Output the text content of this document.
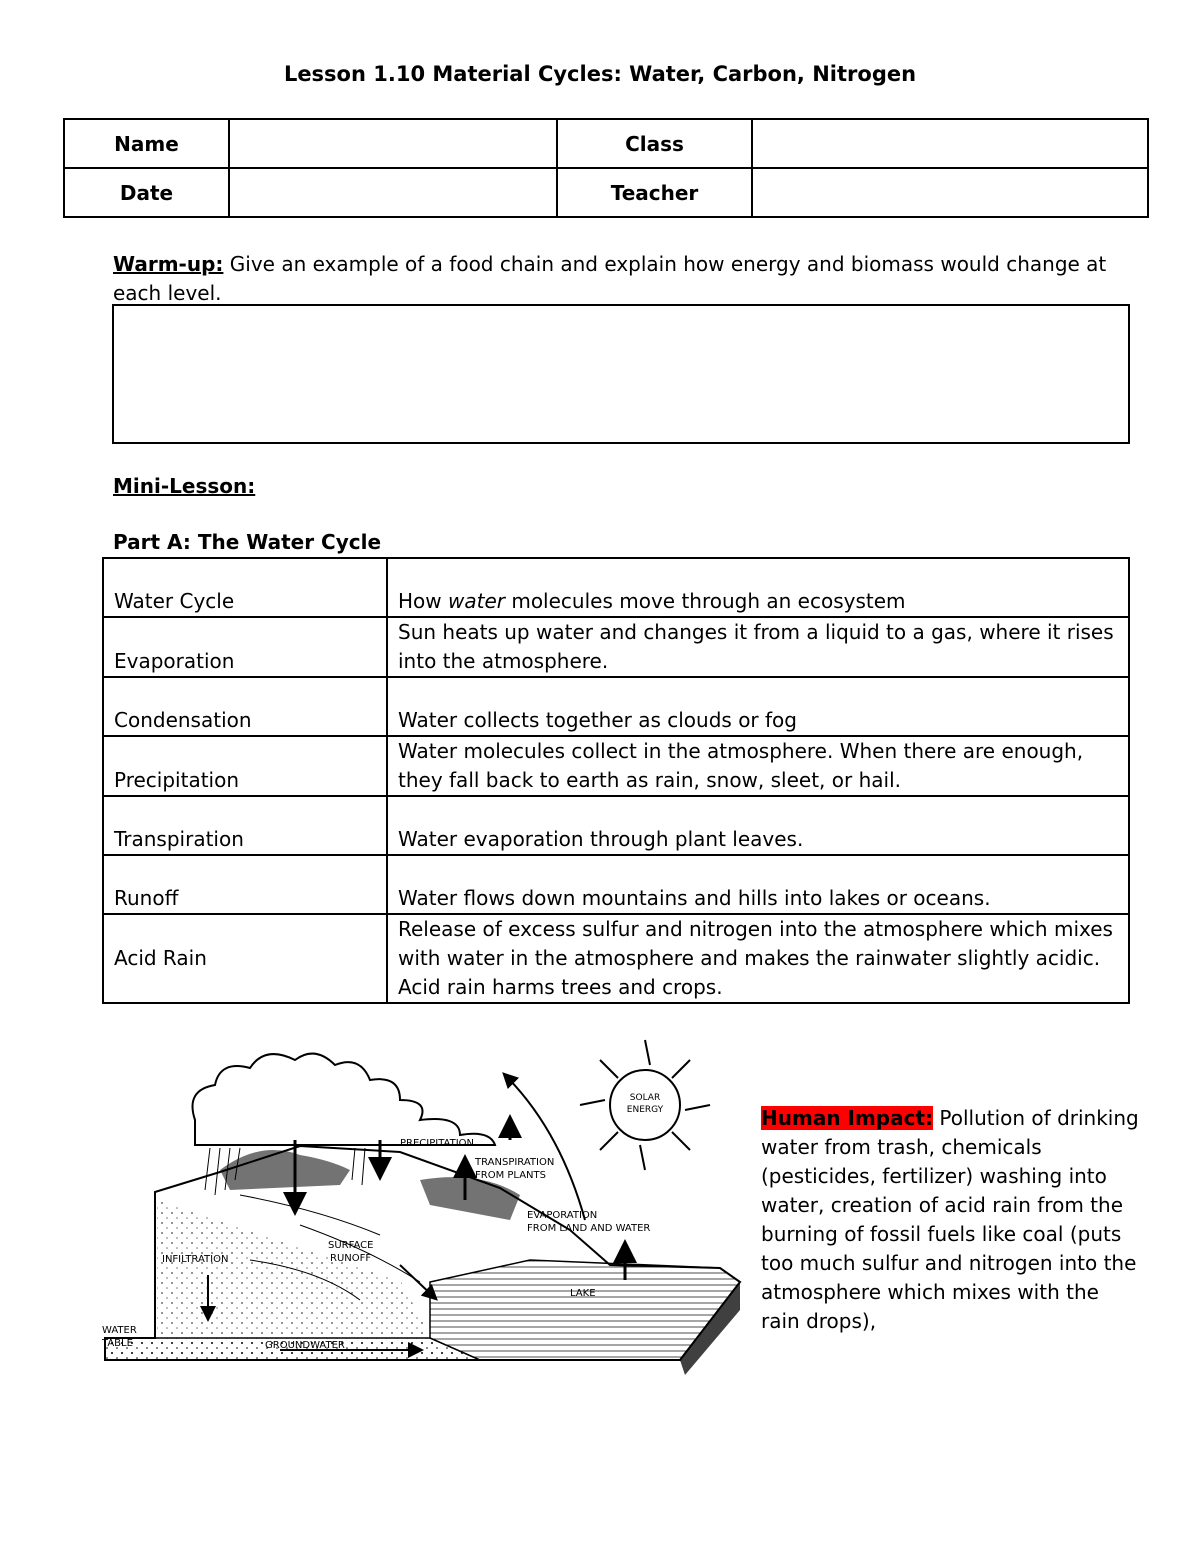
Lesson 1.10 Material Cycles: Water, Carbon, Nitrogen
Name		Class	
Date		Teacher	
Warm-up: Give an example of a food chain and explain how energy and biomass would change at each level.
Mini-Lesson:
Part A: The Water Cycle
Water Cycle	How water molecules move through an ecosystem
Evaporation	Sun heats up water and changes it from a liquid to a gas, where it rises into the atmosphere.
Condensation	Water collects together as clouds or fog
Precipitation	Water molecules collect in the atmosphere. When there are enough, they fall back to earth as rain, snow, sleet, or hail.
Transpiration	Water evaporation through plant leaves.
Runoff	Water flows down mountains and hills into lakes or oceans.
Acid Rain	Release of excess sulfur and nitrogen into the atmosphere which mixes with water in the atmosphere and makes the rainwater slightly acidic. Acid rain harms trees and crops.
SOLAR
ENERGY
PRECIPITATION
TRANSPIRATION
FROM PLANTS
EVAPORATION
FROM LAND AND WATER
SURFACE
RUNOFF
INFILTRATION
LAKE
WATER
TABLE	GROUNDWATER
Human Impact: Pollution of drinking water from trash, chemicals (pesticides, fertilizer) washing into water, creation of acid rain from the burning of fossil fuels like coal (puts too much sulfur and nitrogen into the atmosphere which mixes with the rain drops),
